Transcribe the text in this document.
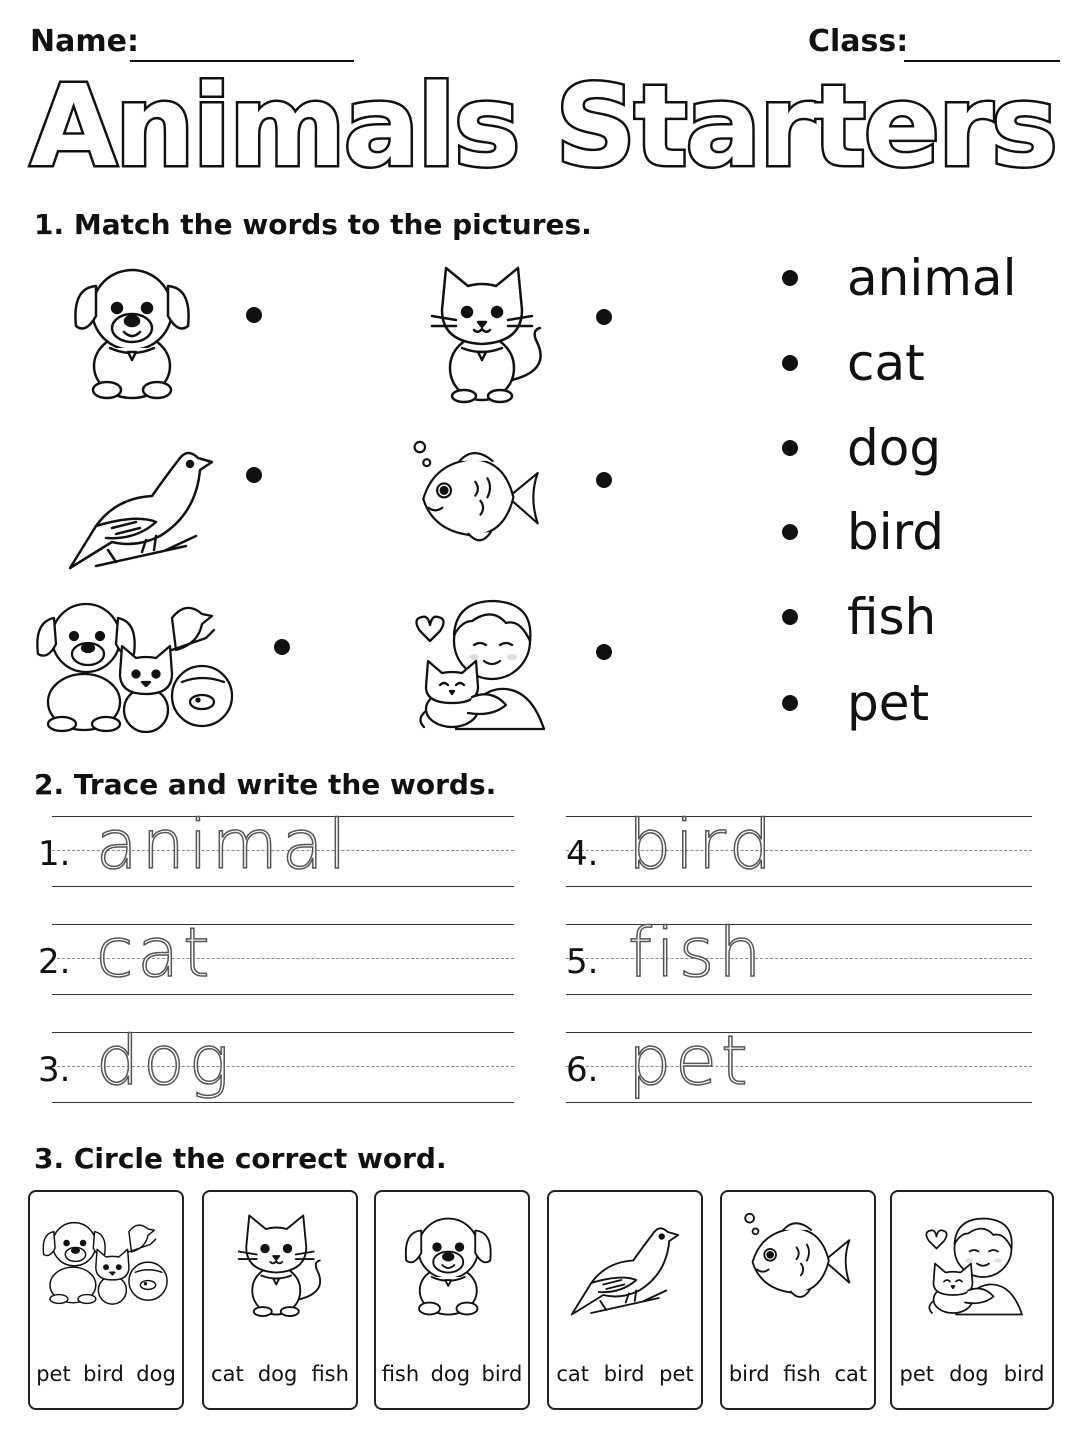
Name:	Class:
Animals Starters
1. Match the words to the pictures.
animal
cat
dog
bird
fish
pet
2. Trace and write the words.
1. animal
2. cat
3. dog
4. bird
5. fish
6. pet
3. Circle the correct word.
pet bird dog cat dog fish fish dog bird cat bird pet bird fish cat pet dog bird
